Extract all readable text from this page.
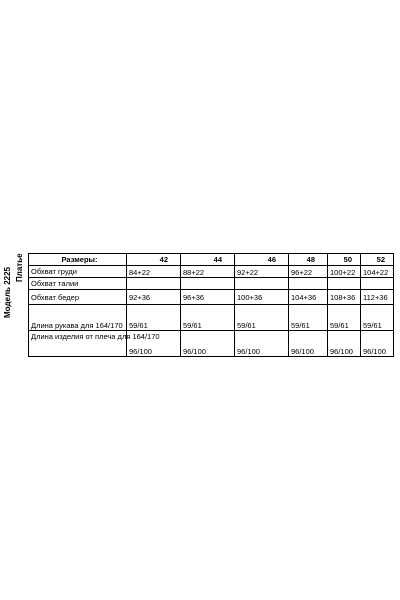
Модель 2225 Платье	Размеры:	42	44	46	48	50	52
Обхват груди	84+22	88+22	92+22	96+22	100+22	104+22
Обхват талии						
Обхват бедер	92+36	96+36	100+36	104+36	108+36	112+36
Длина рукава для 164/170	59/61	59/61	59/61	59/61	59/61	59/61
Длина изделия от плеча для 164/170	96/100	96/100	96/100	96/100	96/100	96/100
